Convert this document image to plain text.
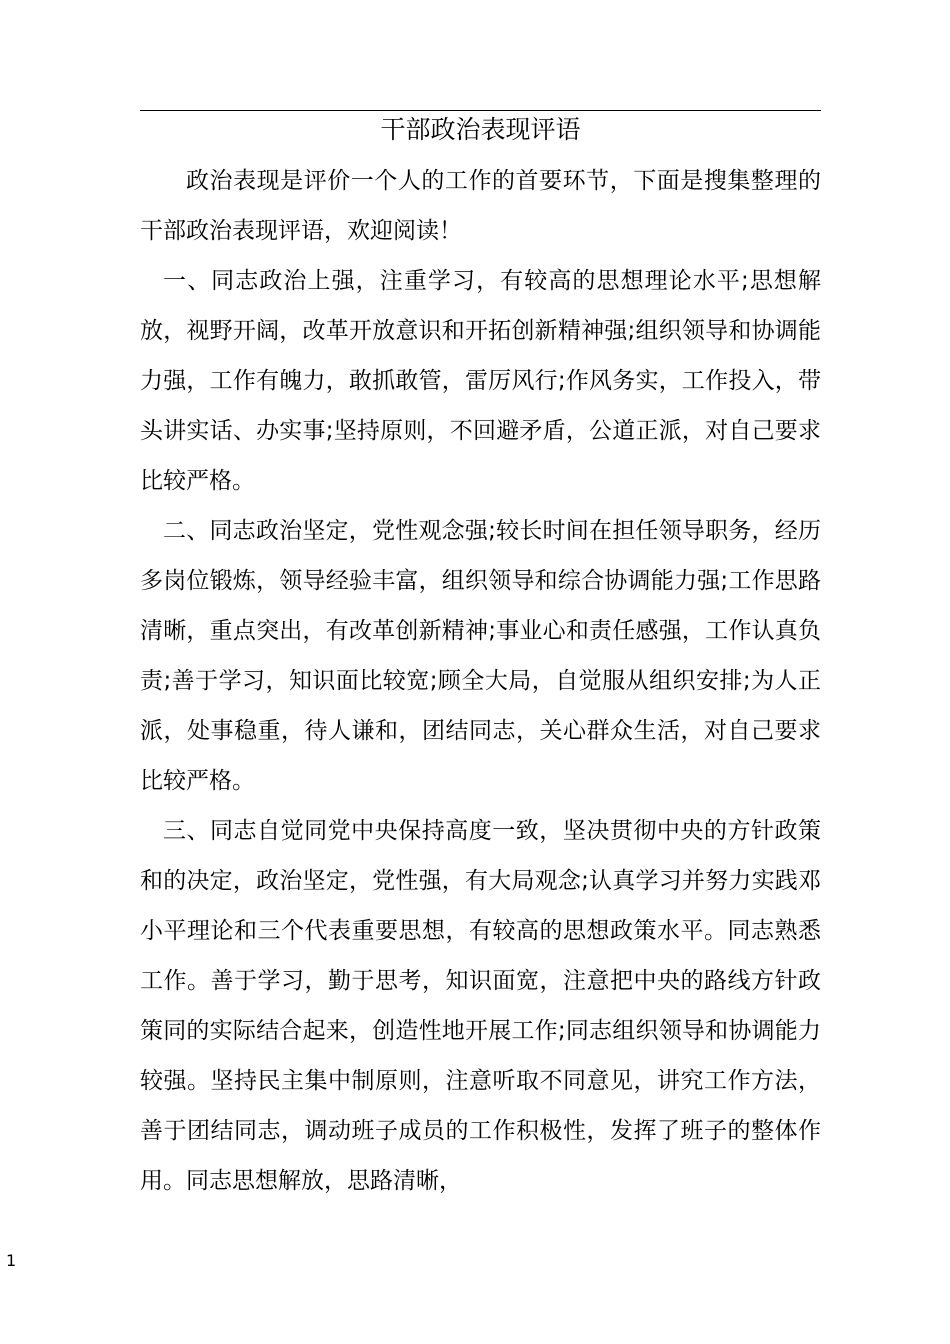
干部政治表现评语

政治表现是评价一个人的工作的首要环节，下面是搜集整理的干部政治表现评语，欢迎阅读！

一、同志政治上强，注重学习，有较高的思想理论水平;思想解放，视野开阔，改革开放意识和开拓创新精神强;组织领导和协调能力强，工作有魄力，敢抓敢管，雷厉风行;作风务实，工作投入，带头讲实话、办实事;坚持原则，不回避矛盾，公道正派，对自己要求比较严格。

二、同志政治坚定，党性观念强;较长时间在担任领导职务，经历多岗位锻炼，领导经验丰富，组织领导和综合协调能力强;工作思路清晰，重点突出，有改革创新精神;事业心和责任感强，工作认真负责;善于学习，知识面比较宽;顾全大局，自觉服从组织安排;为人正派，处事稳重，待人谦和，团结同志，关心群众生活，对自己要求比较严格。

三、同志自觉同党中央保持高度一致，坚决贯彻中央的方针政策和的决定，政治坚定，党性强，有大局观念;认真学习并努力实践邓小平理论和三个代表重要思想，有较高的思想政策水平。同志熟悉工作。善于学习，勤于思考，知识面宽，注意把中央的路线方针政策同的实际结合起来，创造性地开展工作;同志组织领导和协调能力较强。坚持民主集中制原则，注意听取不同意见，讲究工作方法，善于团结同志，调动班子成员的工作积极性，发挥了班子的整体作用。同志思想解放，思路清晰，

1
